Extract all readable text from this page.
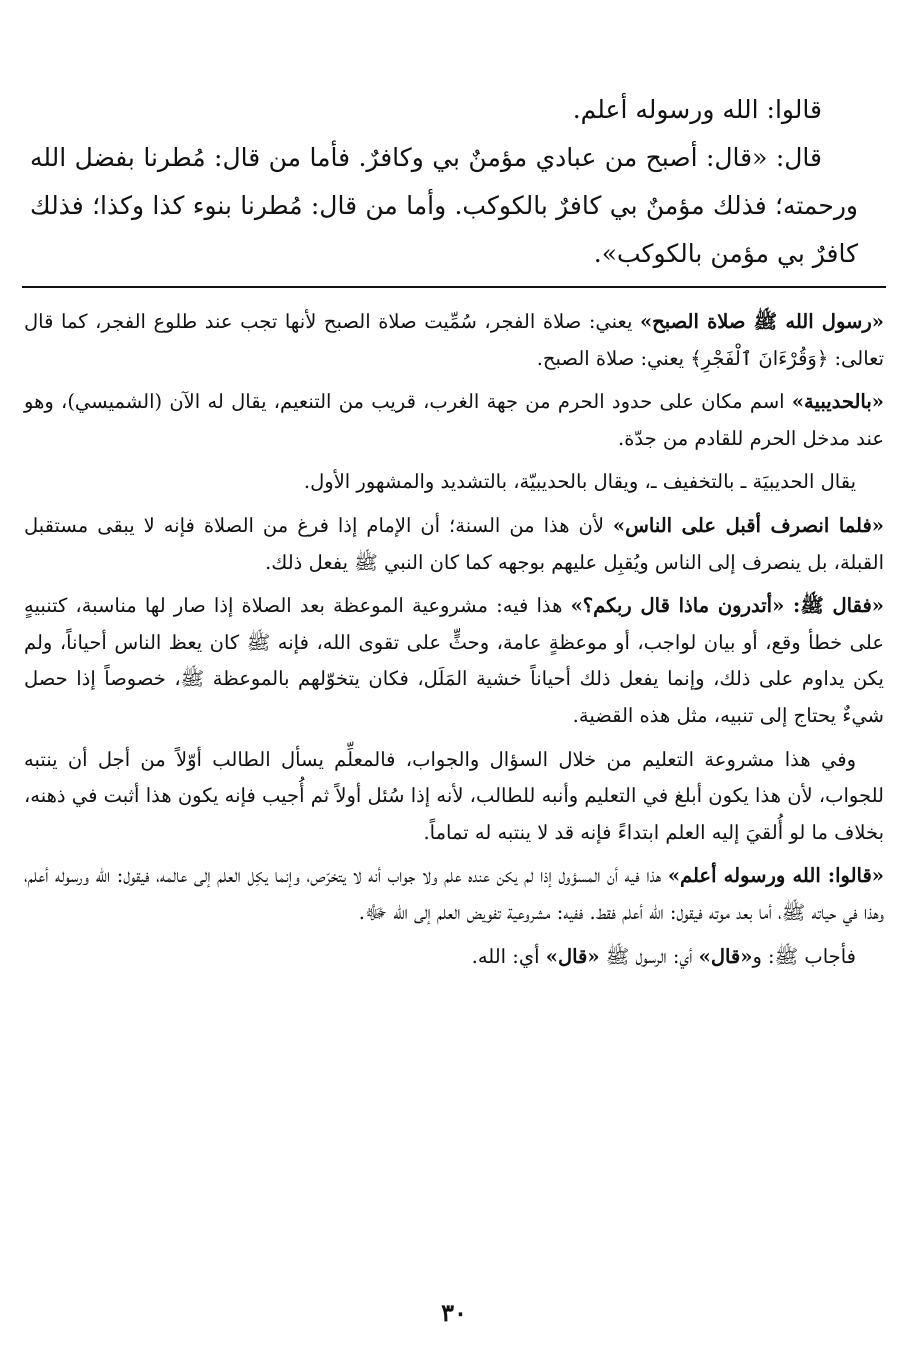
قالوا: الله ورسوله أعلم.

قال: «قال: أصبح من عبادي مؤمنٌ بي وكافرٌ. فأما من قال: مُطرنا بفضل الله ورحمته؛ فذلك مؤمنٌ بي كافرٌ بالكوكب. وأما من قال: مُطرنا بنوء كذا وكذا؛ فذلك كافرٌ بي مؤمن بالكوكب».

«رسول الله ﷺ صلاة الصبح» يعني: صلاة الفجر، سُمِّيت صلاة الصبح لأنها تجب عند طلوع الفجر، كما قال تعالى: ﴿وَقُرْءَانَ ٱلْفَجْرِ﴾ يعني: صلاة الصبح.

«بالحديبية» اسم مكان على حدود الحرم من جهة الغرب، قريب من التنعيم، يقال له الآن (الشميسي)، وهو عند مدخل الحرم للقادم من جدّة.

يقال الحديبيَة ـ بالتخفيف ـ، ويقال بالحديبيّة، بالتشديد والمشهور الأول.

«فلما انصرف أقبل على الناس» لأن هذا من السنة؛ أن الإمام إذا فرغ من الصلاة فإنه لا يبقى مستقبل القبلة، بل ينصرف إلى الناس ويُقبِل عليهم بوجهه كما كان النبي ﷺ يفعل ذلك.

«فقال ﷺ: «أتدرون ماذا قال ربكم؟» هذا فيه: مشروعية الموعظة بعد الصلاة إذا صار لها مناسبة، كتنبيهٍ على خطأ وقع، أو بيان لواجب، أو موعظةٍ عامة، وحثٍّ على تقوى الله، فإنه ﷺ كان يعظ الناس أحياناً، ولم يكن يداوم على ذلك، وإنما يفعل ذلك أحياناً خشية المَلَل، فكان يتخوّلهم بالموعظة ﷺ، خصوصاً إذا حصل شيءٌ يحتاج إلى تنبيه، مثل هذه القضية.

وفي هذا مشروعة التعليم من خلال السؤال والجواب، فالمعلِّم يسأل الطالب أوّلاً من أجل أن ينتبه للجواب، لأن هذا يكون أبلغ في التعليم وأنبه للطالب، لأنه إذا سُئل أولاً ثم أُجيب فإنه يكون هذا أثبت في ذهنه، بخلاف ما لو أُلقيَ إليه العلم ابتداءً فإنه قد لا ينتبه له تماماً.

«قالوا: الله ورسوله أعلم» هذا فيه أن المسؤول إذا لم يكن عنده علم ولا جواب أنه لا يتخرّص، وإنما يكِل العلم إلى عالمه، فيقول: الله ورسوله أعلم، وهذا في حياته ﷺ، أما بعد موته فيقول: الله أعلم فقط. ففيه: مشروعية تفويض العلم إلى الله ﷻ.

فأجاب ﷺ: و«قال» أي: الرسول ﷺ «قال» أي: الله.

٣٠
